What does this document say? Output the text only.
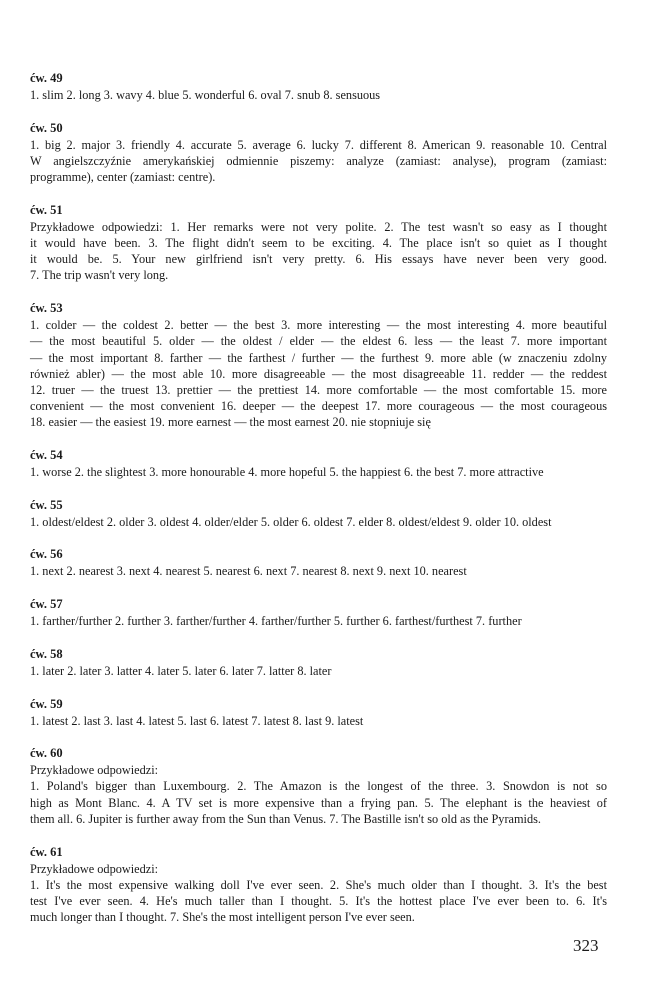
ćw. 49
1. slim 2. long 3. wavy 4. blue 5. wonderful 6. oval 7. snub 8. sensuous
ćw. 50
1. big 2. major 3. friendly 4. accurate 5. average 6. lucky 7. different 8. American 9. reasonable 10. Central
W angielszczyźnie amerykańskiej odmiennie piszemy: analyze (zamiast: analyse), program (zamiast:
programme), center (zamiast: centre).
ćw. 51
Przykładowe odpowiedzi: 1. Her remarks were not very polite. 2. The test wasn't so easy as I thought
it would have been. 3. The flight didn't seem to be exciting. 4. The place isn't so quiet as I thought
it would be. 5. Your new girlfriend isn't very pretty. 6. His essays have never been very good.
7. The trip wasn't very long.
ćw. 53
1. colder — the coldest 2. better — the best 3. more interesting — the most interesting 4. more beautiful
— the most beautiful 5. older — the oldest / elder — the eldest 6. less — the least 7. more important
— the most important 8. farther — the farthest / further — the furthest 9. more able (w znaczeniu zdolny
również abler) — the most able 10. more disagreeable — the most disagreeable 11. redder — the reddest
12. truer — the truest 13. prettier — the prettiest 14. more comfortable — the most comfortable 15. more
convenient — the most convenient 16. deeper — the deepest 17. more courageous — the most courageous
18. easier — the easiest 19. more earnest — the most earnest 20. nie stopniuje się
ćw. 54
1. worse 2. the slightest 3. more honourable 4. more hopeful 5. the happiest 6. the best 7. more attractive
ćw. 55
1. oldest/eldest 2. older 3. oldest 4. older/elder 5. older 6. oldest 7. elder 8. oldest/eldest 9. older 10. oldest
ćw. 56
1. next 2. nearest 3. next 4. nearest 5. nearest 6. next 7. nearest 8. next 9. next 10. nearest
ćw. 57
1. farther/further 2. further 3. farther/further 4. farther/further 5. further 6. farthest/furthest 7. further
ćw. 58
1. later 2. later 3. latter 4. later 5. later 6. later 7. latter 8. later
ćw. 59
1. latest 2. last 3. last 4. latest 5. last 6. latest 7. latest 8. last 9. latest
ćw. 60
Przykładowe odpowiedzi:
1. Poland's bigger than Luxembourg. 2. The Amazon is the longest of the three. 3. Snowdon is not so
high as Mont Blanc. 4. A TV set is more expensive than a frying pan. 5. The elephant is the heaviest of
them all. 6. Jupiter is further away from the Sun than Venus. 7. The Bastille isn't so old as the Pyramids.
ćw. 61
Przykładowe odpowiedzi:
1. It's the most expensive walking doll I've ever seen. 2. She's much older than I thought. 3. It's the best
test I've ever seen. 4. He's much taller than I thought. 5. It's the hottest place I've ever been to. 6. It's
much longer than I thought. 7. She's the most intelligent person I've ever seen.
323
